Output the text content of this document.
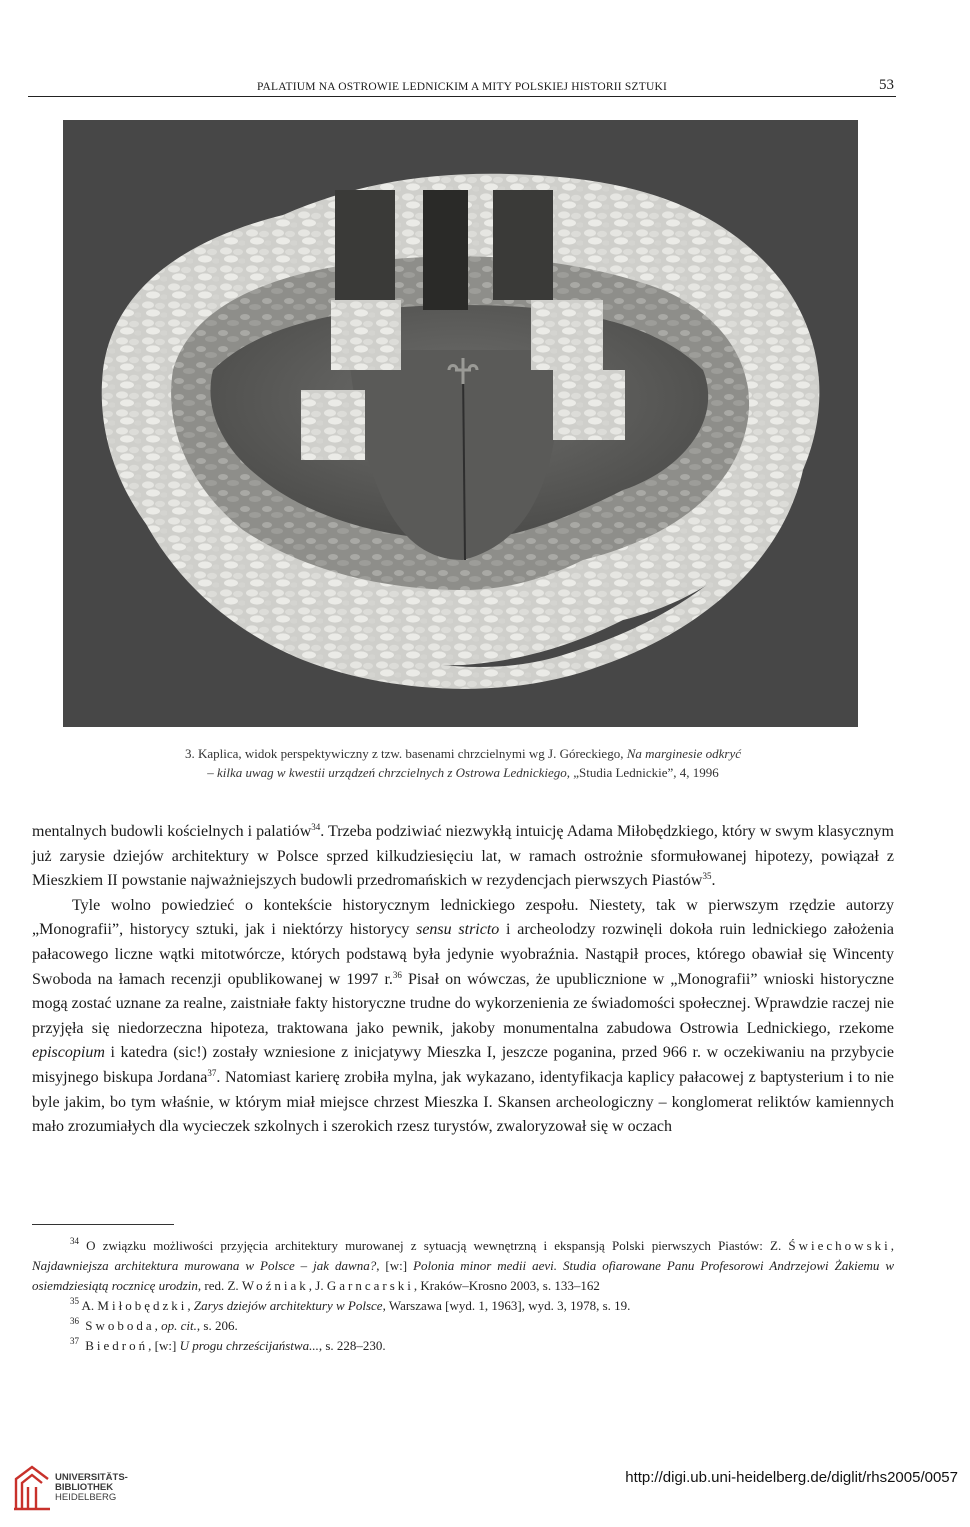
PALATIUM NA OSTROWIE LEDNICKIM A MITY POLSKIEJ HISTORII SZTUKI	53
3. Kaplica, widok perspektywiczny z tzw. basenami chrzcielnymi wg J. Góreckiego, Na marginesie odkryć
– kilka uwag w kwestii urządzeń chrzcielnych z Ostrowa Lednickiego, „Studia Lednickie”, 4, 1996

mentalnych budowli kościelnych i palatiów$^{34}$. Trzeba podziwiać niezwykłą intuicję Adama Miłobędzkiego, który w swym klasycznym już zarysie dziejów architektury w Polsce sprzed kilkudziesięciu lat, w ramach ostrożnie sformułowanej hipotezy, powiązał z Mieszkiem II powstanie najważniejszych budowli przedromańskich w rezydencjach pierwszych Piastów$^{35}$.

Tyle wolno powiedzieć o kontekście historycznym lednickiego zespołu. Niestety, tak w pierwszym rzędzie autorzy „Monografii”, historycy sztuki, jak i niektórzy historycy sensu stricto i archeolodzy rozwinęli dokoła ruin lednickiego założenia pałacowego liczne wątki mitotwórcze, których podstawą była jedynie wyobraźnia. Nastąpił proces, którego obawiał się Wincenty Swoboda na łamach recenzji opublikowanej w 1997 r.$^{36}$ Pisał on wówczas, że upublicznione w „Monografii” wnioski historyczne mogą zostać uznane za realne, zaistniałe fakty historyczne trudne do wykorzenienia ze świadomości społecznej. Wprawdzie raczej nie przyjęła się niedorzeczna hipoteza, traktowana jako pewnik, jakoby monumentalna zabudowa Ostrowia Lednickiego, rzekome episcopium i katedra (sic!) zostały wzniesione z inicjatywy Mieszka I, jeszcze poganina, przed 966 r. w oczekiwaniu na przybycie misyjnego biskupa Jordana$^{37}$. Natomiast karierę zrobiła mylna, jak wykazano, identyfikacja kaplicy pałacowej z baptysterium i to nie byle jakim, bo tym właśnie, w którym miał miejsce chrzest Mieszka I. Skansen archeologiczny – konglomerat reliktów kamiennych mało zrozumiałych dla wycieczek szkolnych i szerokich rzesz turystów, zwaloryzował się w oczach

$^{34}$ O związku możliwości przyjęcia architektury murowanej z sytuacją wewnętrzną i ekspansją Polski pierwszych Piastów: Z. Świechowski, Najdawniejsza architektura murowana w Polsce – jak dawna?, [w:] Polonia minor medii aevi. Studia ofiarowane Panu Profesorowi Andrzejowi Żakiemu w osiemdziesiątą rocznicę urodzin, red. Z. Woźniak, J. Garncarski, Kraków–Krosno 2003, s. 133–162

$^{35}$ A. Miłobędzki, Zarys dziejów architektury w Polsce, Warszawa [wyd. 1, 1963], wyd. 3, 1978, s. 19.

$^{36}$ Swoboda, op. cit., s. 206.

$^{37}$ Biedroń, [w:] U progu chrześcijaństwa..., s. 228–230.

UNIVERSITÄTS-
BIBLIOTHEK
HEIDELBERG
http://digi.ub.uni-heidelberg.de/diglit/rhs2005/0057
